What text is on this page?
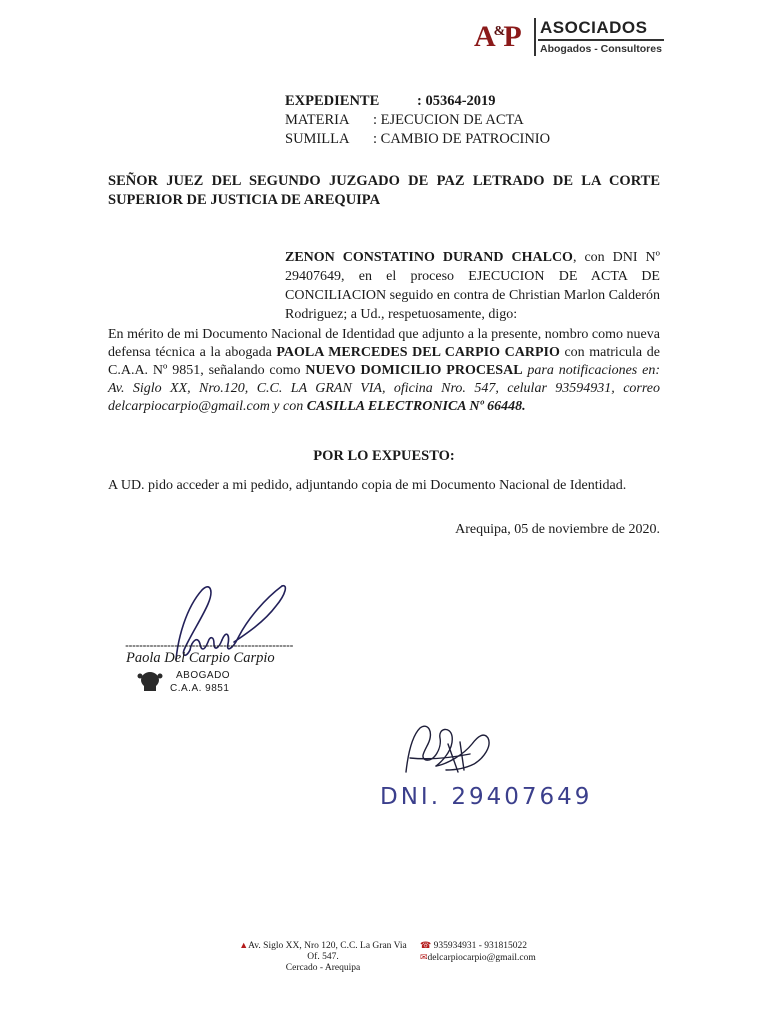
A&P ASOCIADOS
Abogados - Consultores
EXPEDIENTE	: 05364-2019
MATERIA : EJECUCION DE ACTA
SUMILLA : CAMBIO DE PATROCINIO
SEÑOR JUEZ DEL SEGUNDO JUZGADO DE PAZ LETRADO DE LA CORTE SUPERIOR DE JUSTICIA DE AREQUIPA
ZENON CONSTATINO DURAND CHALCO, con DNI Nº 29407649, en el proceso EJECUCION DE ACTA DE CONCILIACION seguido en contra de Christian Marlon Calderón Rodriguez; a Ud., respetuosamente, digo:
En mérito de mi Documento Nacional de Identidad que adjunto a la presente, nombro como nueva defensa técnica a la abogada PAOLA MERCEDES DEL CARPIO CARPIO con matricula de C.A.A. Nº 9851, señalando como NUEVO DOMICILIO PROCESAL para notificaciones en: Av. Siglo XX, Nro.120, C.C. LA GRAN VIA, oficina Nro. 547, celular 93594931, correo delcarpiocarpio@gmail.com y con CASILLA ELECTRONICA Nº 66448.
POR LO EXPUESTO:
A UD. pido acceder a mi pedido, adjuntando copia de mi Documento Nacional de Identidad.
Arequipa, 05 de noviembre de 2020.
Paola Del Carpio Carpio
ABOGADO
C.A.A. 9851
DNI. 29407649
▲Av. Siglo XX, Nro 120, C.C. La Gran Via
Of. 547.
Cercado - Arequipa
☎ 935934931 - 931815022
✉delcarpiocarpio@gmail.com
